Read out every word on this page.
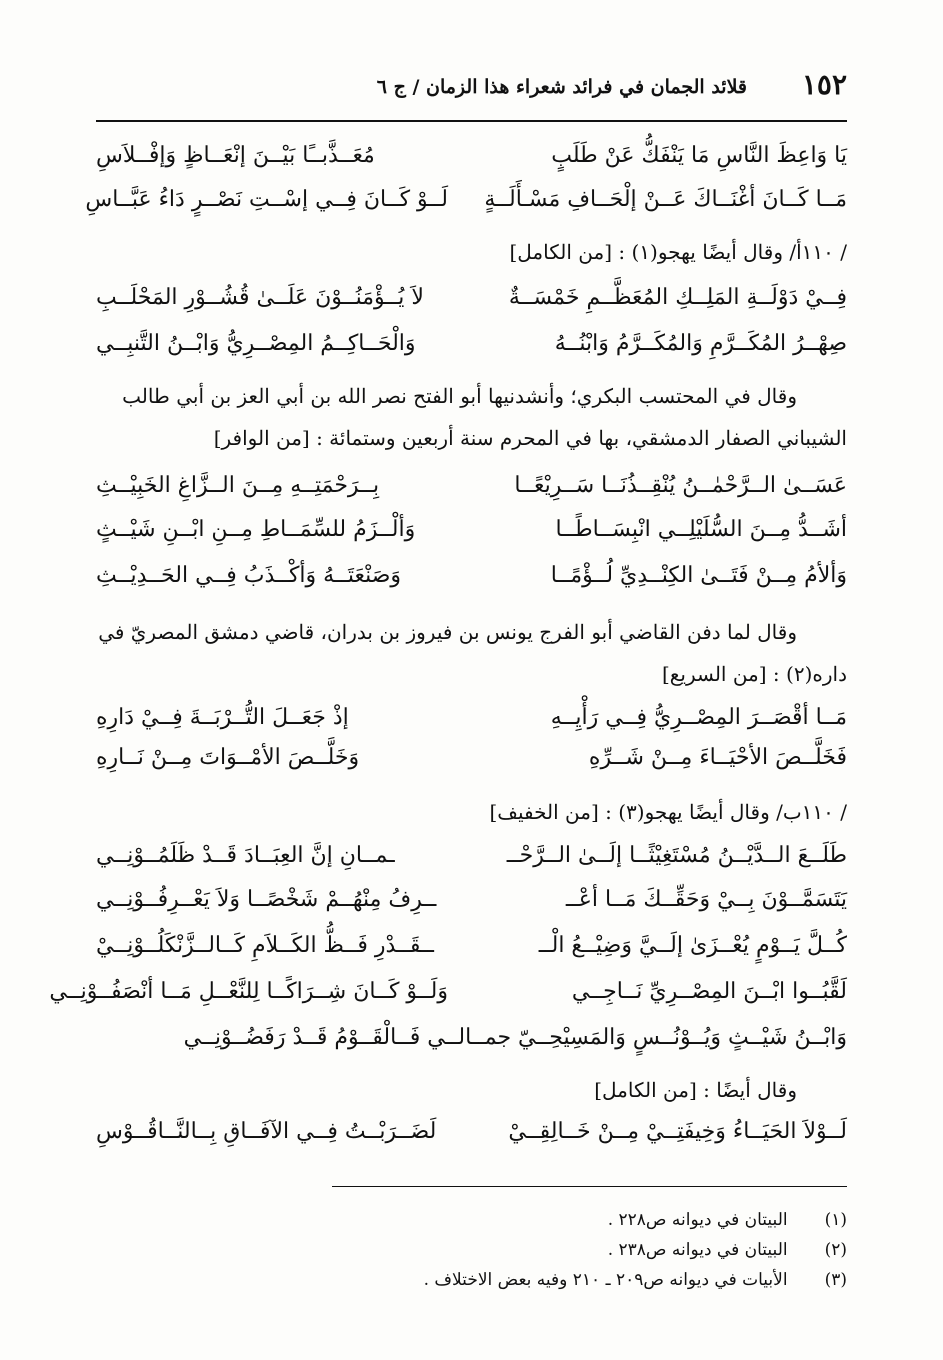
١٥٢
قلائد الجمان في فرائد شعراء هذا الزمان / ج ٦
يَا وَاعِظَ النَّاسِ مَا يَنْفَكُّ عَنْ طَلَبٍ
مُعَــذَّبــًا بَيْــنَ إنْعَــاظٍ وَإفْــلاَسِ
مَــا كَــانَ أغْنَــاكَ عَــنْ إلْحَــافِ مَسْـأَلَــةٍ
لَــوْ كَــانَ فِــي إسْــتِ نَصْــرٍ دَاءُ عَبَّــاسِ
/ ١١٠أ/ وقال أيضًا يهجو(١) : [من الكامل]
فِــيْ دَوْلَــةِ المَلِــكِ المُعَظَّــمِ خَمْسَــةٌ
لاَ يُــؤْمَنُــوْنَ عَلَــىٰ قُشُــوْرِ المَحْلَــبِ
صِهْــرُ المُكَــرَّمِ وَالمُكَــرَّمُ وَابْنُــهُ
وَالْحَــاكِــمُ المِصْــرِيُّ وَابْــنُ التَّنبِــي
وقال في المحتسب البكري؛ وأنشدنيها أبو الفتح نصر الله بن أبي العز بن أبي طالب
الشيباني الصفار الدمشقي، بها في المحرم سنة أربعين وستمائة : [من الوافر]
عَسَــىٰ الــرَّحْمٰــنُ يُنْقِــذُنَــا سَــرِيْعًــا
بِــرَحْمَتِــهِ مِــنَ الــزَّاغِ الخَبِيْــثِ
أشَــدُّ مِــنَ السُّلَيْلِــي انْبِسَــاطًــا
وَألْــزَمُ للسِّمَــاطِ مِــنِ ابْــنِ شَيْــثٍ
وَألأمُ مِــنْ فَتَــىٰ الكِنْــدِيِّ لُــؤْمًــا
وَصَنْعَتَــهُ وَأكْــذَبُ فِــي الحَــدِيْــثِ
وقال لما دفن القاضي أبو الفرج يونس بن فيروز بن بدران، قاضي دمشق المصريّ في
داره(٢) : [من السريع]
مَــا أقْصَــرَ المِصْــرِيُّ فِــي رَأْيِــهِ
إذْ جَعَــلَ التُّــرْبَــةَ فِــيْ دَارِهِ
فَخَلَّــصَ الأحْيَــاءَ مِــنْ شَــرِّهِ
وَخَلَّــصَ الأمْــوَاتَ مِــنْ نَــارِهِ
/ ١١٠ب/ وقال أيضًا يهجو(٣) : [من الخفيف]
طَلَــعَ الــدَّيْــنُ مُسْتَغِيْثًــا إلَــىٰ الــرَّحْــ
ـمــانِ إنَّ العِبَــادَ قَــدْ ظَلَمُــوْنِــي
يَتَسَمَّــوْنَ بِــيْ وَحَقِّــكَ مَــا أعْــ
ــرِفُ مِنْهُــمْ شَخْصًــا وَلاَ يَعْــرِفُــوْنِــي
كُــلَّ يَــوْمٍ يُعْــزَىٰ إلَــيَّ وَضِيْــعُ الْــ
ــقَــدْرِ فَــظُّ الكَــلاَمِ كَــالــزَّنْكَلُــوْنِــيْ
لَقَّبُــوا ابْــنَ المِصْــرِيِّ نَــاجِــي
وَلَــوْ كَــانَ شِــرَاكًــا لِلنَّعْــلِ مَــا أنْصَفُــوْنِــي
وَابْــنُ شَيْــثٍ وَيُــوْنُــسٍ وَالمَسِيْحِــيّ جمــالــي فَــالْقَــوْمُ قَــدْ رَفَضُــوْنِــي
وقال أيضًا : [من الكامل]
لَــوْلاَ الحَيَــاءُ وَخِيفَتِــيْ مِــنْ خَــالِقِــيْ
لَضَــرَبْــتُ فِــي الآفَــاقِ بِــالنَّــاقُــوْسِ
(١) البيتان في ديوانه ص٢٢٨ .
(٢) البيتان في ديوانه ص٢٣٨ .
(٣) الأبيات في ديوانه ص٢٠٩ ـ ٢١٠ وفيه بعض الاختلاف .
